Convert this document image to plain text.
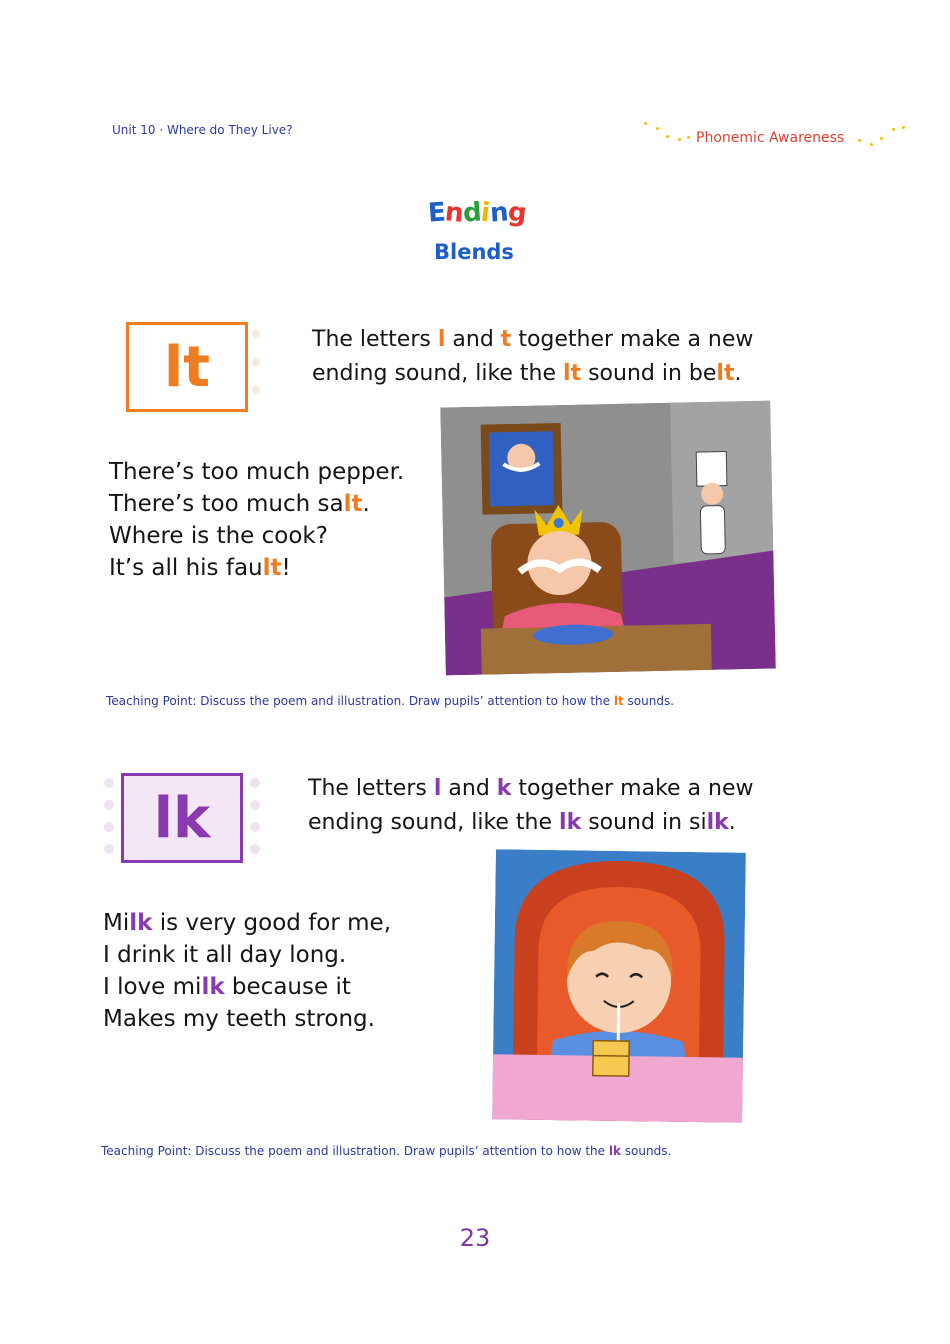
Unit 10 · Where do They Live?	Phonemic Awareness
Ending
Blends
lt	The letters l and t together make a new
ending sound, like the lt sound in belt.
There’s too much pepper.
There’s too much salt.
Where is the cook?
It’s all his fault!
Teaching Point: Discuss the poem and illustration. Draw pupils’ attention to how the lt sounds.
lk	The letters l and k together make a new
ending sound, like the lk sound in silk.
Milk is very good for me,
I drink it all day long.
I love milk because it
Makes my teeth strong.
Teaching Point: Discuss the poem and illustration. Draw pupils’ attention to how the lk sounds.
23
